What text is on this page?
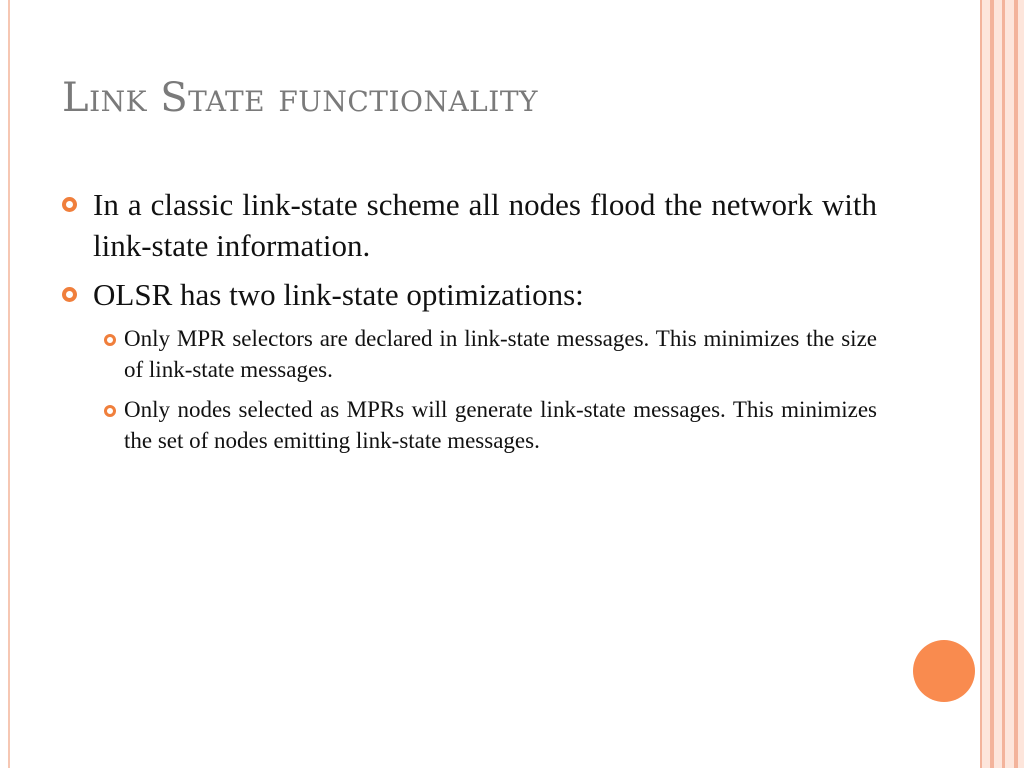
Link State functionality
In a classic link-state scheme all nodes flood the network with link-state information.
OLSR has two link-state optimizations:
Only MPR selectors are declared in link-state messages. This minimizes the size of link-state messages.
Only nodes selected as MPRs will generate link-state messages. This minimizes the set of nodes emitting link-state messages.
